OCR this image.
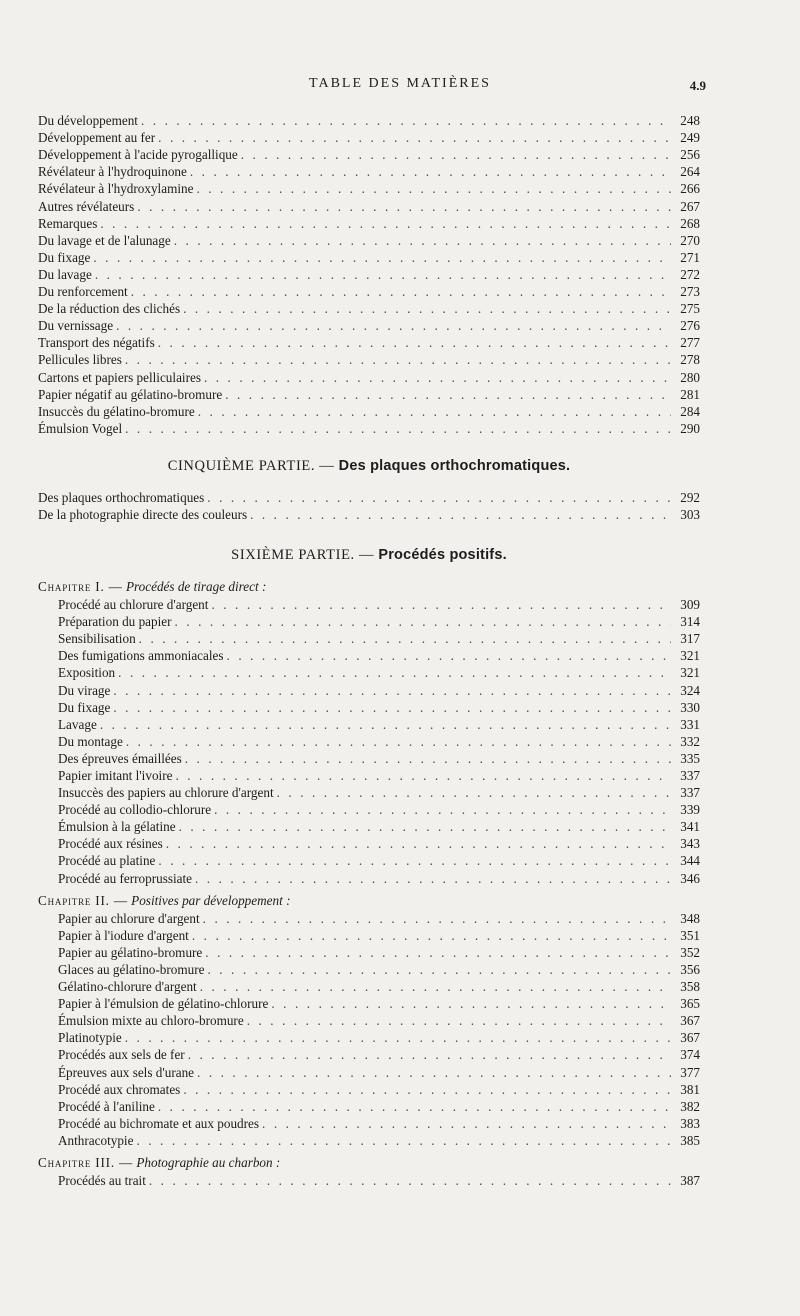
TABLE DES MATIÈRES	4.9
Du développement . . .	248
Développement au fer . . .	249
Développement à l'acide pyrogallique . . .	256
Révélateur à l'hydroquinone . . .	264
Révélateur à l'hydroxylamine . . .	266
Autres révélateurs . . .	267
Remarques . . .	268
Du lavage et de l'alunage . . .	270
Du fixage . . .	271
Du lavage . . .	272
Du renforcement . . .	273
De la réduction des clichés . . .	275
Du vernissage . . .	276
Transport des négatifs . . .	277
Pellicules libres . . .	278
Cartons et papiers pelliculaires . . .	280
Papier négatif au gélatino-bromure . . .	281
Insuccès du gélatino-bromure . . .	284
Émulsion Vogel . . .	290
CINQUIÈME PARTIE. — Des plaques orthochromatiques.
Des plaques orthochromatiques . . .	292
De la photographie directe des couleurs . . .	303
SIXIÈME PARTIE. — Procédés positifs.
Chapitre I. — Procédés de tirage direct :
Procédé au chlorure d'argent . . .	309
Préparation du papier . . .	314
Sensibilisation . . .	317
Des fumigations ammoniacales . . .	321
Exposition . . .	321
Du virage . . .	324
Du fixage . . .	330
Lavage . . .	331
Du montage . . .	332
Des épreuves émaillées . . .	335
Papier imitant l'ivoire . . .	337
Insuccès des papiers au chlorure d'argent . . .	337
Procédé au collodio-chlorure . . .	339
Émulsion à la gélatine . . .	341
Procédé aux résines . . .	343
Procédé au platine . . .	344
Procédé au ferroprussiate . . .	346
Chapitre II. — Positives par développement :
Papier au chlorure d'argent . . .	348
Papier à l'iodure d'argent . . .	351
Papier au gélatino-bromure . . .	352
Glaces au gélatino-bromure . . .	356
Gélatino-chlorure d'argent . . .	358
Papier à l'émulsion de gélatino-chlorure . . .	365
Émulsion mixte au chloro-bromure . . .	367
Platinotypie . . .	367
Procédés aux sels de fer . . .	374
Épreuves aux sels d'urane . . .	377
Procédé aux chromates . . .	381
Procédé à l'aniline . . .	382
Procédé au bichromate et aux poudres . . .	383
Anthracotypie . . .	385
Chapitre III. — Photographie au charbon :
Procédés au trait . . .	387
